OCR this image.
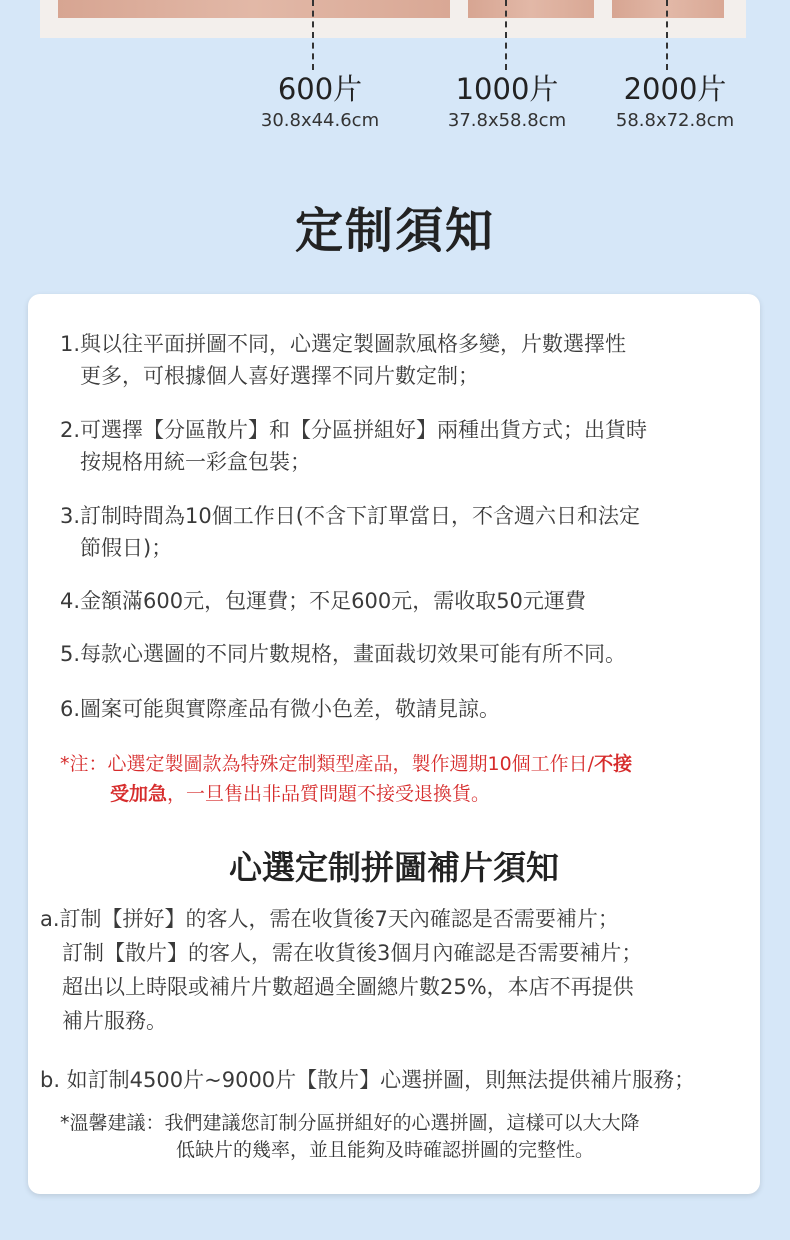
600片
30.8x44.6cm
1000片
37.8x58.8cm
2000片
58.8x72.8cm
定制須知
1.與以往平面拼圖不同，心選定製圖款風格多變，片數選擇性
更多，可根據個人喜好選擇不同片數定制；
2.可選擇【分區散片】和【分區拼組好】兩種出貨方式；出貨時
按規格用統一彩盒包裝；
3.訂制時間為10個工作日(不含下訂單當日，不含週六日和法定
節假日)；
4.金額滿600元，包運費；不足600元，需收取50元運費
5.每款心選圖的不同片數規格，畫面裁切效果可能有所不同。
6.圖案可能與實際產品有微小色差，敬請見諒。
*注：心選定製圖款為特殊定制類型產品，製作週期10個工作日/不接
受加急，一旦售出非品質問題不接受退換貨。
心選定制拼圖補片須知
a.訂制【拼好】的客人，需在收貨後7天內確認是否需要補片；
訂制【散片】的客人，需在收貨後3個月內確認是否需要補片；
超出以上時限或補片片數超過全圖總片數25%，本店不再提供
補片服務。
b. 如訂制4500片~9000片【散片】心選拼圖，則無法提供補片服務；
*溫馨建議：我們建議您訂制分區拼組好的心選拼圖，這樣可以大大降
低缺片的幾率，並且能夠及時確認拼圖的完整性。
